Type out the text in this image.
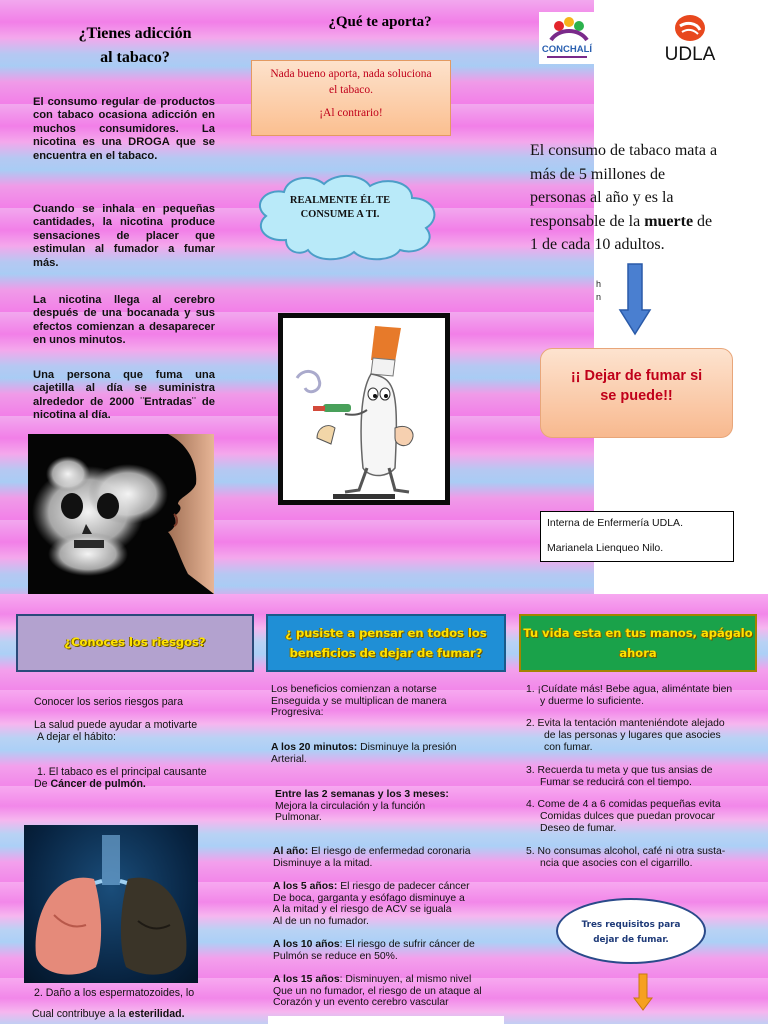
¿Tienes adicción
al tabaco?
El consumo regular de productos con tabaco ocasiona adicción en muchos consumidores. La nicotina es una DROGA que se encuentra en el tabaco.
Cuando se inhala en pequeñas cantidades, la nicotina produce sensaciones de placer que estimulan al fumador a fumar más.
La nicotina llega al cerebro después de una bocanada y sus efectos comienzan a desaparecer en unos minutos.
Una persona que fuma una cajetilla al día se suministra alrededor de 2000 ¨Entradas¨ de nicotina al día.
¿Qué te aporta?
Nada bueno aporta, nada soluciona
el tabaco.
¡Al contrario!
REALMENTE ÉL TE
CONSUME A TI.
CONCHALÍ	UDLA
El consumo de tabaco mata a
más de 5 millones de
personas al año y es la
responsable de la muerte de
1 de cada 10 adultos.
h
n
¡¡ Dejar de fumar si
se puede!!
Interna de Enfermería UDLA.
Marianela Lienqueo Nilo.
¿Conoces los riesgos?
¿ pusiste a pensar en todos los
beneficios de dejar de fumar?
Tu vida esta en tus manos, apágalo
ahora
Conocer los serios riesgos para
La salud puede ayudar a motivarte
A dejar el hábito:
1. El tabaco es el principal causante
De Cáncer de pulmón.
2. Daño a los espermatozoides, lo
Cual contribuye a la esterilidad.
Los beneficios comienzan a notarse
Enseguida y se multiplican de manera
Progresiva:
A los 20 minutos: Disminuye la presión
Arterial.
Entre las 2 semanas y los 3 meses:
Mejora la circulación y la función
Pulmonar.
Al año: El riesgo de enfermedad coronaria
Disminuye a la mitad.
A los 5 años: El riesgo de padecer cáncer
De boca, garganta y esófago disminuye a
A la mitad y el riesgo de ACV se iguala
Al de un no fumador.
A los 10 años: El riesgo de sufrir cáncer de
Pulmón se reduce en 50%.
A los 15 años: Disminuyen, al mismo nivel
Que un no fumador, el riesgo de un ataque al
Corazón y un evento cerebro vascular
1. ¡Cuídate más! Bebe agua, aliméntate bien
y duerme lo suficiente.
2. Evita la tentación manteniéndote alejado
de las personas y lugares que asocies
con fumar.
3. Recuerda tu meta y que tus ansias de
Fumar se reducirá con el tiempo.
4. Come de 4 a 6 comidas pequeñas evita
Comidas dulces que puedan provocar
Deseo de fumar.
5. No consumas alcohol, café ni otra susta-
ncia que asocies con el cigarrillo.
Tres requisitos para
dejar de fumar.
